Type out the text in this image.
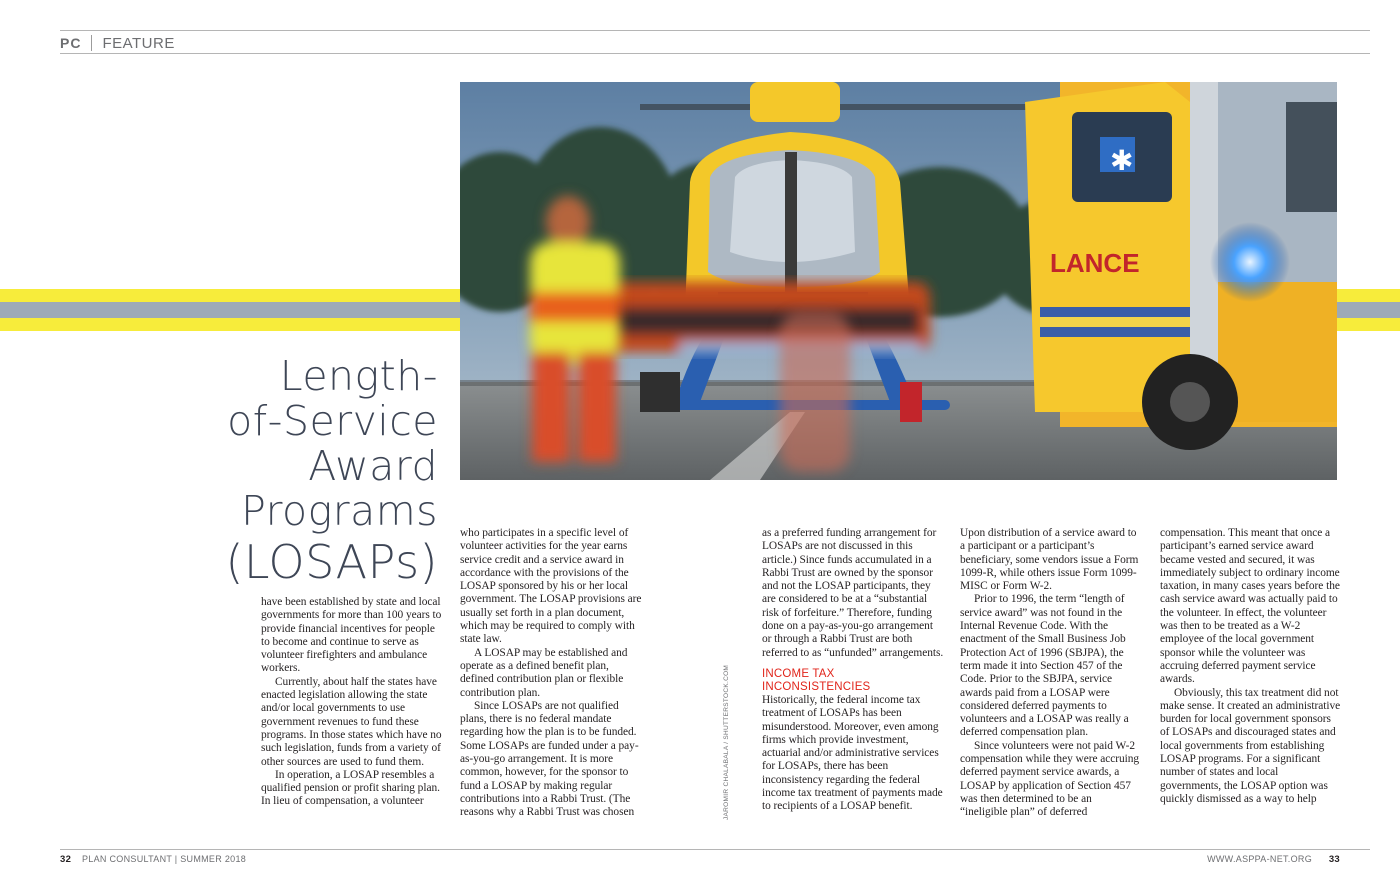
PC FEATURE
✱
LANCE
Length-
of-Service
Award
Programs
(LOSAPs)

have been established by state and local governments for more than 100 years to provide financial incentives for people to become and continue to serve as volunteer firefighters and ambulance workers.

Currently, about half the states have enacted legislation allowing the state and/or local governments to use government revenues to fund these programs. In those states which have no such legislation, funds from a variety of other sources are used to fund them.

In operation, a LOSAP resembles a qualified pension or profit sharing plan. In lieu of compensation, a volunteer

who participates in a specific level of volunteer activities for the year earns service credit and a service award in accordance with the provisions of the LOSAP sponsored by his or her local government. The LOSAP provisions are usually set forth in a plan document, which may be required to comply with state law.

A LOSAP may be established and operate as a defined benefit plan, defined contribution plan or flexible contribution plan.

Since LOSAPs are not qualified plans, there is no federal mandate regarding how the plan is to be funded. Some LOSAPs are funded under a pay-as-you-go arrangement. It is more common, however, for the sponsor to fund a LOSAP by making regular contributions into a Rabbi Trust. (The reasons why a Rabbi Trust was chosen	JAROMIR CHALABALA / SHUTTERSTOCK.COM

as a preferred funding arrangement for LOSAPs are not discussed in this article.) Since funds accumulated in a Rabbi Trust are owned by the sponsor and not the LOSAP participants, they are considered to be at a “substantial risk of forfeiture.” Therefore, funding done on a pay-as-you-go arrangement or through a Rabbi Trust are both referred to as “unfunded” arrangements.

INCOME TAX INCONSISTENCIES

Historically, the federal income tax treatment of LOSAPs has been misunderstood. Moreover, even among firms which provide investment, actuarial and/or administrative services for LOSAPs, there has been inconsistency regarding the federal income tax treatment of payments made to recipients of a LOSAP benefit.

Upon distribution of a service award to a participant or a participant’s beneficiary, some vendors issue a Form 1099-R, while others issue Form 1099-MISC or Form W-2.

Prior to 1996, the term “length of service award” was not found in the Internal Revenue Code. With the enactment of the Small Business Job Protection Act of 1996 (SBJPA), the term made it into Section 457 of the Code. Prior to the SBJPA, service awards paid from a LOSAP were considered deferred payments to volunteers and a LOSAP was really a deferred compensation plan.

Since volunteers were not paid W-2 compensation while they were accruing deferred payment service awards, a LOSAP by application of Section 457 was then determined to be an “ineligible plan” of deferred

compensation. This meant that once a participant’s earned service award became vested and secured, it was immediately subject to ordinary income taxation, in many cases years before the cash service award was actually paid to the volunteer. In effect, the volunteer was then to be treated as a W-2 employee of the local government sponsor while the volunteer was accruing deferred payment service awards.

Obviously, this tax treatment did not make sense. It created an administrative burden for local government sponsors of LOSAPs and discouraged states and local governments from establishing LOSAP programs. For a significant number of states and local governments, the LOSAP option was quickly dismissed as a way to help

32 PLAN CONSULTANT | SUMMER 2018	WWW.ASPPA-NET.ORG 33
